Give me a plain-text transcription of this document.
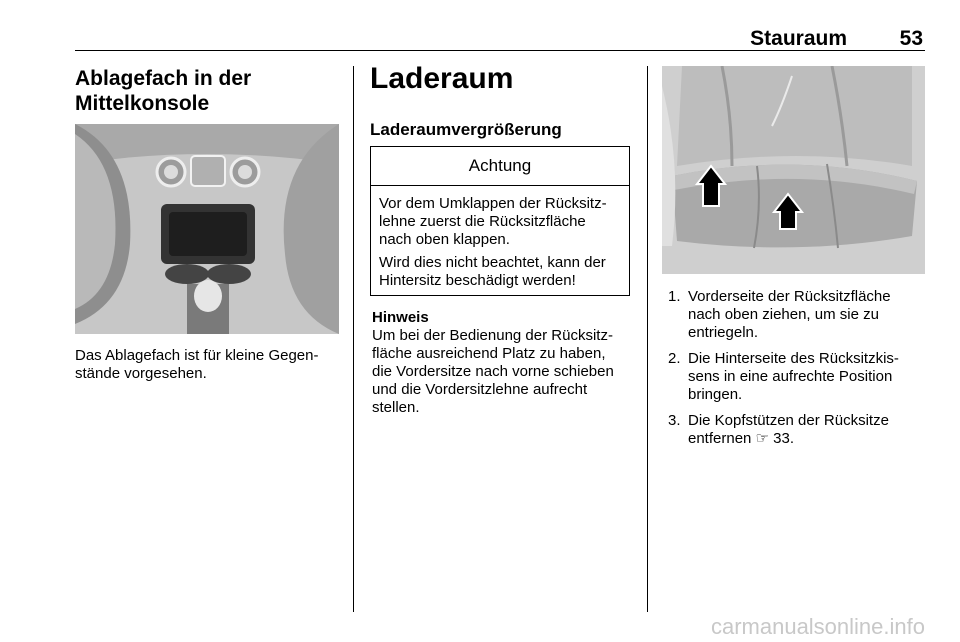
Stauraum	53
Ablagefach in der
Mittelkonsole
Das Ablagefach ist für kleine Gegen-
stände vorgesehen.
Laderaum
Laderaumvergrößerung
Achtung

Vor dem Umklappen der Rücksitz-
lehne zuerst die Rücksitzfläche
nach oben klappen.

Wird dies nicht beachtet, kann der
Hintersitz beschädigt werden!

Hinweis
Um bei der Bedienung der Rücksitz-
fläche ausreichend Platz zu haben,
die Vordersitze nach vorne schieben
und die Vordersitzlehne aufrecht
stellen.
1. Vorderseite der Rücksitzfläche
nach oben ziehen, um sie zu
entriegeln.
2. Die Hinterseite des Rücksitzkis-
sens in eine aufrechte Position
bringen.
3. Die Kopfstützen der Rücksitze
entfernen ☞ 33.
carmanualsonline.info
